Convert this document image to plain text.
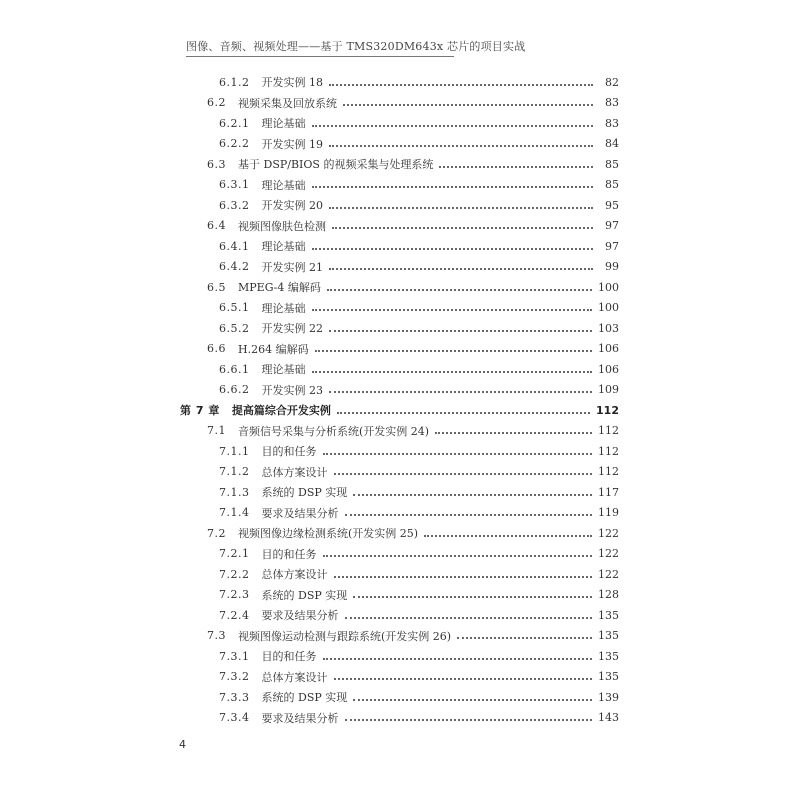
图像、音频、视频处理——基于 TMS320DM643x 芯片的项目实战
6.1.2 开发实例 18	82
6.2 视频采集及回放系统	83
6.2.1 理论基础	83
6.2.2 开发实例 19	84
6.3 基于 DSP/BIOS 的视频采集与处理系统	85
6.3.1 理论基础	85
6.3.2 开发实例 20	95
6.4 视频图像肤色检测	97
6.4.1 理论基础	97
6.4.2 开发实例 21	99
6.5 MPEG-4 编解码	100
6.5.1 理论基础	100
6.5.2 开发实例 22	103
6.6 H.264 编解码	106
6.6.1 理论基础	106
6.6.2 开发实例 23	109
第 7 章 提高篇综合开发实例	112
7.1 音频信号采集与分析系统(开发实例 24)	112
7.1.1 目的和任务	112
7.1.2 总体方案设计	112
7.1.3 系统的 DSP 实现	117
7.1.4 要求及结果分析	119
7.2 视频图像边缘检测系统(开发实例 25)	122
7.2.1 目的和任务	122
7.2.2 总体方案设计	122
7.2.3 系统的 DSP 实现	128
7.2.4 要求及结果分析	135
7.3 视频图像运动检测与跟踪系统(开发实例 26)	135
7.3.1 目的和任务	135
7.3.2 总体方案设计	135
7.3.3 系统的 DSP 实现	139
7.3.4 要求及结果分析	143
4
